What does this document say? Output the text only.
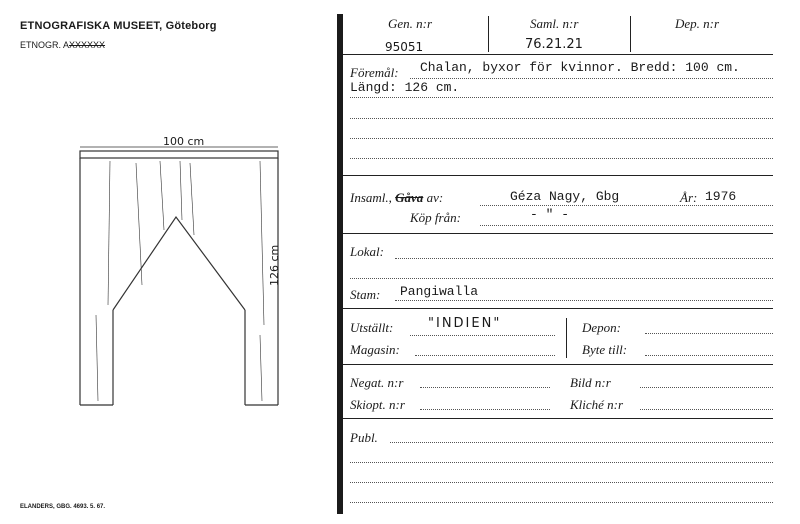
ETNOGRAFISKA MUSEET, Göteborg
ETNOGR. AXXXXXX
100 cm
126 cm
ELANDERS, GBG. 4693. 5. 67.
Gen. n:r
95051
Saml. n:r
76.21.21
Dep. n:r
Föremål: Chalan, byxor för kvinnor. Bredd: 100 cm.
Längd: 126 cm.
Insaml., Gåva av:	Géza Nagy, Gbg	År: 1976
Köp från:	- " -
Lokal:
Stam: Pangiwalla
Utställt:	"INDIEN"
Magasin:
Depon:
Byte till:
Negat. n:r	Bild n:r
Skiopt. n:r	Kliché n:r
Publ.
